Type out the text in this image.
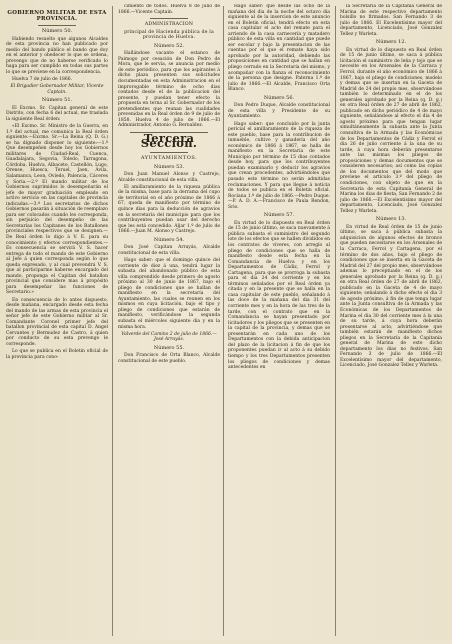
GOBIERNO MILITAR DE ESTA PROVINCIA.
Número 50.

Habiendo resuelto que algunos Alcaldes de esta provincia no han publicado por medio del bando público el bando que doy en el anterior y obedecer lo que se ordena, prevengo que de no haberse verificado lo haga para ser cumplido en todas sus partes lo que se previene en la correspondencia.

Huelva 7 de julio de 1866.

El Brigadier Gobernador Militar, Vicente Captain.

Número 51.

El Excmo. Sr. Capitan general de este Distrito, con fecha 6 del actual, me traslada la siguiente Real órden:

«El Excmo. Sr. Ministro de la Guerra, en 1.º del actual, me comunica la Real órden siguiente.—Excmo. Sr.—La Reina (Q. D. G.) se ha dignado disponer lo siguiente:—1.º Que desempeñen desde hoy los Gobiernos militares de Ciudad-Real, Cuenca, Guadalajara, Segovia, Toledo, Tarragona, Córdoba, Huelva, Albacete, Castellón, Lugo, Orense, Huesca, Teruel, Jaen, Ávila, Salamanca, Leon, Oviedo, Palencia, Cáceres y Soria.—2.º El mando militar de los Gobiernos suprimidos lo desempeñarán el jefe de mayor graduación empleado en activo servicio en las capitales de provincia indicadas.—3.º Los secretarios de dichos Gobiernos pasarán á situación de reemplazo para ser colocados cuando les corresponda, sin perjuicio del desempeño de las Secretarías los Capitanes de los Batallones provinciales respectivos que se designen.—De Real órden lo digo á V. E. para su conocimiento y efectos correspondientes.—Es consecuencia se servirá V. S. hacer entrega de todo el mando de este Gobierno al Jefe á quien corresponda según lo que queda expresado, y al cual prevendrá V. S. que al participarme haberse encargado del mando, proponga el Capitan del batallon provincial que considere mas á propósito para desempeñar las funciones de Secretario.»

En consecuencia de lo antes dispuesto, desde mañana, encargado desde esta fecha del mando de las armas de esta provincia el señor jefe de este Gobierno militar al Sr. Comandante Coronel primer jefe del batallon provincial de esta capital D. Angel Cervantes y Bermudez de Castro, á quien por conducto de su esta prevengo le corresponde.

Lo que se publica en el Boletin oficial de la provincia para cono-

cimiento de todos. Huelva 8 de julio de 1866.—Vicente Captain.

ADMINISTRACION
principal de Hacienda pública de la provincia de Huelva.
Número 52.

Hallándose vacante el estanco de Paimogo por cesación de Don Pedro de Mora, que le servia, se anuncia por medio de este periódico, para que los aspirantes á dicho plaza presenten sus solicitudes documentadas en esta Administracion en el improrogable término de ocho dias contados desde el de la publicacion del presente, y puedan tener efecto la propuesta en terna al Sr. Gobernador de los pretendientes que reunan las cualidades prevenidas en la Real órden de 9 de julio de 1858. Huelva 4 de julio de 1866.—El Administrador, Antonio G. Bernaldez.

Tercera Seccion.
AYUNTAMIENTOS.
Número 53.

Don Juan Manuel Alonso y Castrejo, Alcalde constitucional de esta villa.

El amillaramiento de la riqueza pública de la misma, base para la derrama del cupo de territorial en el año próximo de 1866 á 67, queda de manifiesto por término de quince dias para la deducción de agravios en la secretaría del municipio para que los contribuyentes puedan usar del derecho que les está concedido. Aljar 1.º de julio de 1866.—Juan M. Alonso y Castrejo.

Número 54.

Don José Capitan Arrayás, Alcalde constitucional de esta villa.

Hago saber: que el domingo quince del corriente de diez á una, tendrá lugar la subasta del abandonado público de esta villa comprendido desde primero de agosto próximo al 30 de junio de 1867, bajo el pliego de condiciones que se hallan de manifiesto en la secretaría del Ayuntamiento, las cuales se reunen en los mismos en cuya licitación, bajo el tipo y pliego de condiciones que estarán de manifiesto, verificándose la segunda subasta el miércoles siguiente dia y en la misma hora.

Valverde del Camino 2 de julio de 1866.—José Arrayás.

Número 55.

Don Francisco de Orta Blanco, Alcalde constitucional de este pueblo.

Hago saber: que desde las ocho de la mañana del dia de la noche del octavo dia siguiente al de la insercion de este anuncio en el Boletin oficial, tendrá efecto en esta casa capitular el acto del remate para el arriendo de la casa carnecería y matadero público de esta villa en cantidad que puede ser escolar y bajo la presentacion de las cuentas por el que el remate haya sido aprobado por la autoridad, debiendo las proposiciones en cantidad que se hallan en pliego cerrado en la Secretaría del mismo, y acompañar con la fianza el reconocimiento de la persona que designe. Paterna 1.º de julio de 1866.—El Alcalde, Francisco Orta Blanco.

Número 56.

Don Pedro Duque, Alcalde constitucional de esta villa y Presidente de su Ayuntamiento.

Hago saber: que concluido por la junta pericial el amillaramiento de la riqueza de este pueblo, base para la contribucion de inmueble, cultivo y ganadería del año económico de 1866 á 1867, se halla de manifiesto en la Secretaría de este Municipio por término de 15 dias contados desde hoy, para que los contribuyentes puedan examinarlo y deducir los agravios que crean procedentes, advirtiéndoles que pasado este término no serán admitidas reclamaciones. Y para que llegue á noticia de todos se publica en el Boletin oficial. Rociana 1.º de julio de 1866.—Pedro Duque.—P. A. D. A.—Francisco de Paula Rendon, Srio.

Número 57.

En virtud de lo dispuesto en Real órden de 15 de junio último, se saca nuevamente á pública subasta el suministro del segundo lote de los efectos que se hallen divididos en los contratos de víveres, con arreglo al pliego de condiciones que se halla de manifiesto desde esta fecha en la Comandancia de Huelva y en los Departamentos de Cádiz, Ferrol y Cartagena, para que se prorroga la subasta para el dia 24 del corriente y en los términos señalados por el Real órden ya citada y en la presente que se halla en la casa capitular de este pueblo, señalando á las doce de la mañana del dia 31 del corriente mes y en la hora de las tres de la tarde, con el contrato que en la Comandancia se hayan presentado por licitadores y los pliegos que se presenten en la capital de la provincia, y demas que se presentarán en cada uno de los Departamentos con la debida anticipacion del plazo de la licitacion á fin de que los proponentes puedan ir al acto á su debido tiempo y los tres Departamentos presenten los pliegos de condiciones y demas antecedentes en

la Secretaría de la Capitanía General de Marina de este respectivo departamento bolsillo no firmados. San Fernando 3 de julio de 1866. El Excelentísimo mayor del departamento, Licenciado, José Gonzalez Tellez y Warleta.

Número 12.

En virtud de lo dispuesto en Real órden de 15 de junio último, se saca á pública licitación el suministro de leña y tojo que se necesite en los Arsenales de la Carraca y Ferrol, durante el año económico de 1866 á 1867, bajo el pliego de condiciones, modelo y demas que se insertan en la Gaceta de Madrid de 24 del propio mes, observándose también lo determinado en el de los generales aprobado por la Reina (q. D. g.) en otra Real órden de 27 de abril de 1862, publicado en dicho periódico de 4 de mayo siguiente, señalándose al efecto el dia 4 de agosto próximo para que tengan lugar simultáneamente la subasta ante la Junta consultiva de la Armada y las Económicas de los Departamentos de Cádiz y Ferrol el dia 26 de julio corriente á la una de su tarde, á cuya hora deberán presentarse ante las mismas los pliegos de proposiciones y demas documentos que se consideren necesarios; así como las copias de los documentos que del modo que previene el artículo 3.º del pliego de condiciones, con objeto de que en la Secretaría de esta Capitanía General de Marina los dias de fiesta, San Fernando 2 de julio de 1866.—El Excelentísimo mayor del departamento, Licenciado, José Gonzalez Tellez y Warleta.

Número 13.

En virtud de Real órden de 15 de junio último, se saca á pública subasta la adquisicion de algunos efectos de bronce que pueden necesitarse en los Arsenales de la Carraca, Ferrol y Cartagena, por el término de dos años, bajo el pliego de condiciones que se inserta en la Gaceta de Madrid del 27 del propio mes, observándose ademas lo preceptuado en el de los generales aprobado por la Reina (q. D. g.) en otra Real órden de 27 de abril de 1862, publicado en la Gaceta de 4 de mayo siguiente; señalando á dicho efecto el dia 3 de agosto próximo, á fin de que tenga lugar ante la Junta consultiva de la Armada y las Económicas de los Departamentos de Marina el dia 30 del corriente mes á la una de su tarde, á cuya hora deberán presentarse al acto, advirtiéndose que también estarán de manifiesto dichos pliegos en la Secretaría de la Capitanía general de Marina de este dicho departamento los dias no festivos. San Fernando 3 de julio de 1866.—El Excelentísimo mayor del departamento, Licenciado, José Gonzalez Tellez y Warleta.
